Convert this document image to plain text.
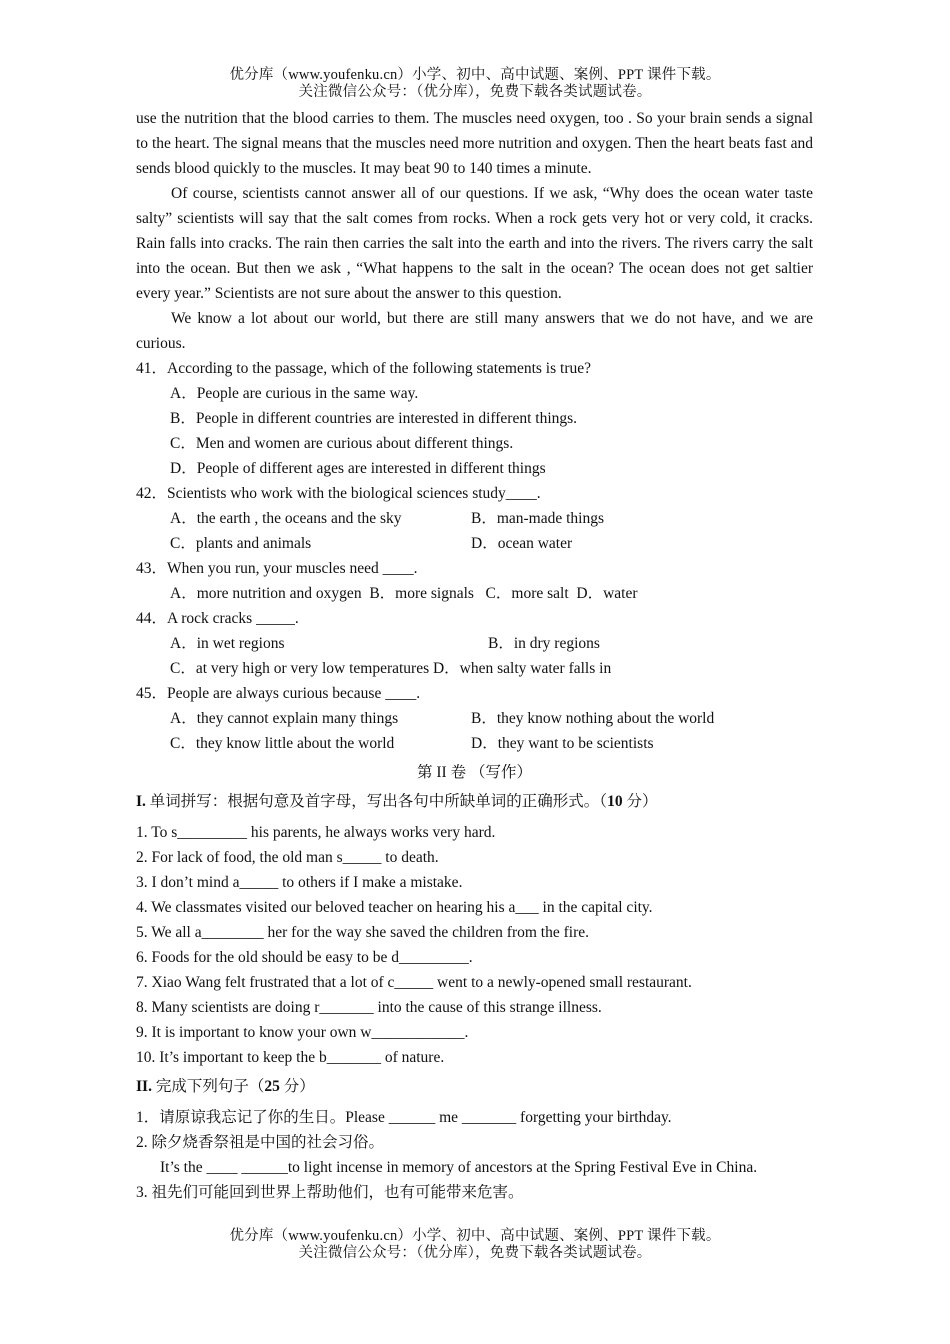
优分库（www.youfenku.cn）小学、初中、高中试题、案例、PPT 课件下载。
关注微信公众号：（优分库），免费下载各类试题试卷。

use the nutrition that the blood carries to them. The muscles need oxygen, too . So your brain sends a signal to the heart. The signal means that the muscles need more nutrition and oxygen. Then the heart beats fast and sends blood quickly to the muscles. It may beat 90 to 140 times a minute.

Of course, scientists cannot answer all of our questions. If we ask, “Why does the ocean water taste salty” scientists will say that the salt comes from rocks. When a rock gets very hot or very cold, it cracks. Rain falls into cracks. The rain then carries the salt into the earth and into the rivers. The rivers carry the salt into the ocean. But then we ask , “What happens to the salt in the ocean? The ocean does not get saltier every year.” Scientists are not sure about the answer to this question.

We know a lot about our world, but there are still many answers that we do not have, and we are curious.

41．According to the passage, which of the following statements is true?
A．People are curious in the same way.
B．People in different countries are interested in different things.
C．Men and women are curious about different things.
D．People of different ages are interested in different things
42．Scientists who work with the biological sciences study____.
A．the earth , the oceans and the sky	B．man-made things
C．plants and animals	D．ocean water
43．When you run, your muscles need ____.
A．more nutrition and oxygen  B．more signals   C．more salt  D．water
44．A rock cracks _____.
A．in wet regions	B．in dry regions
C．at very high or very low temperatures D．when salty water falls in
45．People are always curious because ____.
A．they cannot explain many things	B．they know nothing about the world
C．they know little about the world	D．they want to be scientists
第 II 卷 （写作）
I. 单词拼写：根据句意及首字母，写出各句中所缺单词的正确形式。（10 分）
1. To s_________ his parents, he always works very hard.
2. For lack of food, the old man s_____ to death.
3. I don’t mind a_____ to others if I make a mistake.
4. We classmates visited our beloved teacher on hearing his a___ in the capital city.
5. We all a________ her for the way she saved the children from the fire.
6. Foods for the old should be easy to be d_________.
7. Xiao Wang felt frustrated that a lot of c_____ went to a newly-opened small restaurant.
8. Many scientists are doing r_______ into the cause of this strange illness.
9. It is important to know your own w____________.
10. It’s important to keep the b_______ of nature.
II. 完成下列句子（25 分）
1．请原谅我忘记了你的生日。Please ______ me _______ forgetting your birthday.
2. 除夕烧香祭祖是中国的社会习俗。
It’s the ____ ______to light incense in memory of ancestors at the Spring Festival Eve in China.
3. 祖先们可能回到世界上帮助他们，也有可能带来危害。
优分库（www.youfenku.cn）小学、初中、高中试题、案例、PPT 课件下载。
关注微信公众号：（优分库），免费下载各类试题试卷。
